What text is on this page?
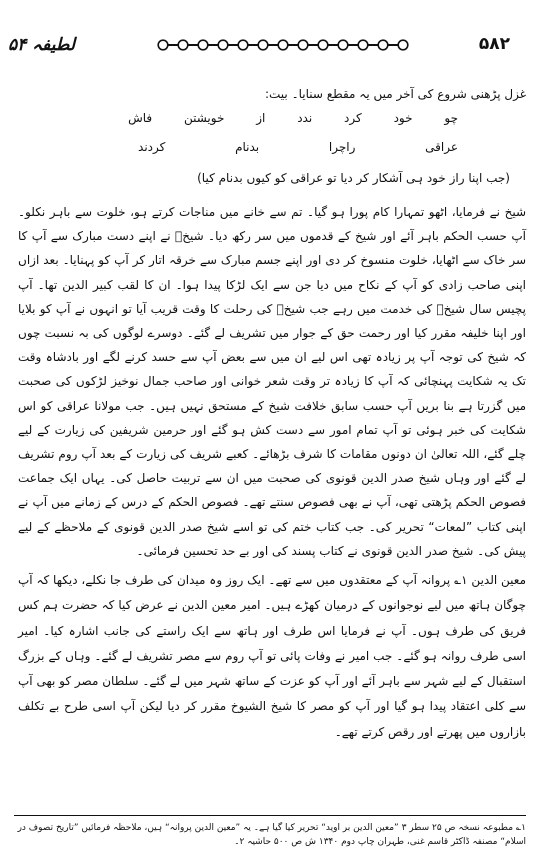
لطیفہ ۵۴	۵۸۲
غزل پڑھنی شروع کی آخر میں یہ مقطع سنایا۔ بیت:
چو
خود
کرد
ندد
از
خویشتن
فاش
عراقی
راچرا
بدنام
کردند
(جب اپنا راز خود ہی آشکار کر دیا تو عراقی کو کیوں بدنام کیا)

شیخ نے فرمایا، اٹھو تمہارا کام پورا ہو گیا۔ تم سے خانے میں مناجات کرتے ہو، خلوت سے باہر نکلو۔ آپ حسب الحکم باہر آئے اور شیخ کے قدموں میں سر رکھ دیا۔ شیخؒ نے اپنے دست مبارک سے آپ کا سر خاک سے اٹھایا، خلوت منسوخ کر دی اور اپنے جسم مبارک سے خرقہ اتار کر آپ کو پہنایا۔ بعد ازاں اپنی صاحب زادی کو آپ کے نکاح میں دیا جن سے ایک لڑکا پیدا ہوا۔ ان کا لقب کبیر الدین تھا۔ آپ پچیس سال شیخؒ کی خدمت میں رہے جب شیخؒ کی رحلت کا وقت قریب آیا تو انہوں نے آپ کو بلایا اور اپنا خلیفہ مقرر کیا اور رحمت حق کے جوار میں تشریف لے گئے۔ دوسرے لوگوں کی بہ نسبت چوں کہ شیخ کی توجہ آپ پر زیادہ تھی اس لیے ان میں سے بعض آپ سے حسد کرنے لگے اور بادشاہ وقت تک یہ شکایت پہنچائی کہ آپ کا زیادہ تر وقت شعر خوانی اور صاحب جمال نوخیز لڑکوں کی صحبت میں گزرتا ہے بنا بریں آپ حسب سابق خلافت شیخ کے مستحق نہیں ہیں۔ جب مولانا عراقی کو اس شکایت کی خبر ہوئی تو آپ تمام امور سے دست کش ہو گئے اور حرمین شریفین کی زیارت کے لیے چلے گئے، اللہ تعالیٰ ان دونوں مقامات کا شرف بڑھائے۔ کعبے شریف کی زیارت کے بعد آپ روم تشریف لے گئے اور وہاں شیخ صدر الدین قونوی کی صحبت میں ان سے تربیت حاصل کی۔ یہاں ایک جماعت فصوص الحکم پڑھتی تھی، آپ نے بھی فصوص سنتے تھے۔ فصوص الحکم کے درس کے زمانے میں آپ نے اپنی کتاب ”لمعات“ تحریر کی۔ جب کتاب ختم کی تو اسے شیخ صدر الدین قونوی کے ملاحظے کے لیے پیش کی۔ شیخ صدر الدین قونوی نے کتاب پسند کی اور بے حد تحسین فرمائی۔

معین الدین ۱؎ پروانہ آپ کے معتقدوں میں سے تھے۔ ایک روز وہ میدان کی طرف جا نکلے، دیکھا کہ آپ چوگان ہاتھ میں لیے نوجوانوں کے درمیان کھڑے ہیں۔ امیر معین الدین نے عرض کیا کہ حضرت ہم کس فریق کی طرف ہوں۔ آپ نے فرمایا اس طرف اور ہاتھ سے ایک راستے کی جانب اشارہ کیا۔ امیر اسی طرف روانہ ہو گئے۔ جب امیر نے وفات پائی تو آپ روم سے مصر تشریف لے گئے۔ وہاں کے بزرگ استقبال کے لیے شہر سے باہر آئے اور آپ کو عزت کے ساتھ شہر میں لے گئے۔ سلطان مصر کو بھی آپ سے کلی اعتقاد پیدا ہو گیا اور آپ کو مصر کا شیخ الشیوخ مقرر کر دیا لیکن آپ اسی طرح بے تکلف بازاروں میں پھرتے اور رقص کرتے تھے۔

۱؎ مطبوعہ نسخہ ص ۲۵ سطر ۳ ”معین الدین بر اوید“ تحریر کیا گیا ہے۔ یہ ”معین الدین پروانہ“ ہیں، ملاحظہ فرمائیں ”تاریخ تصوف در اسلام“ مصنفہ ڈاکٹر قاسم غنی، طہران چاپ دوم ۱۳۴۰ ش ص ۵۰۰ حاشیہ ۲۔
